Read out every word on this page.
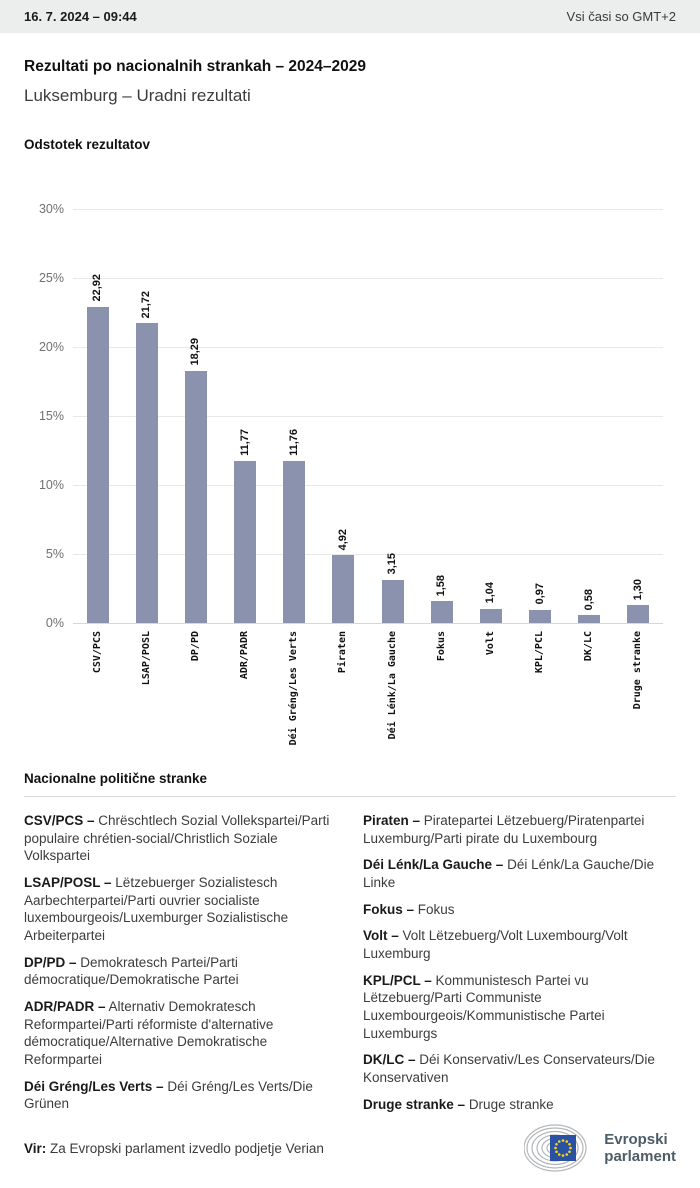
16. 7. 2024 – 09:44	Vsi časi so GMT+2
Rezultati po nacionalnih strankah – 2024–2029

Luksemburg – Uradni rezultati

Odstotek rezultatov
30%
25%
20%
15%
10%
5%
0%
22,92
21,72
18,29
11,77	11,76
4,92
3,15
1,58	1,04	0,97	0,58	1,30
CSV/PCS	LSAP/POSL	DP/PD	ADR/PADR	Déi Gréng/Les Verts	Piraten	Déi Lénk/La Gauche	Fokus	Volt	KPL/PCL	DK/LC	Druge stranke
Nacionalne politične stranke

CSV/PCS – Chrëschtlech Sozial Vollekspartei/Parti populaire chrétien-social/Christlich Soziale Volkspartei

LSAP/POSL – Lëtzebuerger Sozialistesch Aarbechterpartei/Parti ouvrier socialiste luxembourgeois/Luxemburger Sozialistische Arbeiterpartei

DP/PD – Demokratesch Partei/Parti démocratique/Demokratische Partei

ADR/PADR – Alternativ Demokratesch Reformpartei/Parti réformiste d'alternative démocratique/Alternative Demokratische Reformpartei

Déi Gréng/Les Verts – Déi Gréng/Les Verts/Die Grünen

Piraten – Piratepartei Lëtzebuerg/Piratenpartei Luxemburg/Parti pirate du Luxembourg

Déi Lénk/La Gauche – Déi Lénk/La Gauche/Die Linke

Fokus – Fokus

Volt – Volt Lëtzebuerg/Volt Luxembourg/Volt Luxemburg

KPL/PCL – Kommunistesch Partei vu Lëtzebuerg/Parti Communiste Luxembourgeois/Kommunistische Partei Luxemburgs

DK/LC – Déi Konservativ/Les Conservateurs/Die Konservativen

Druge stranke – Druge stranke

Vir: Za Evropski parlament izvedlo podjetje Verian

Evropski
parlament
